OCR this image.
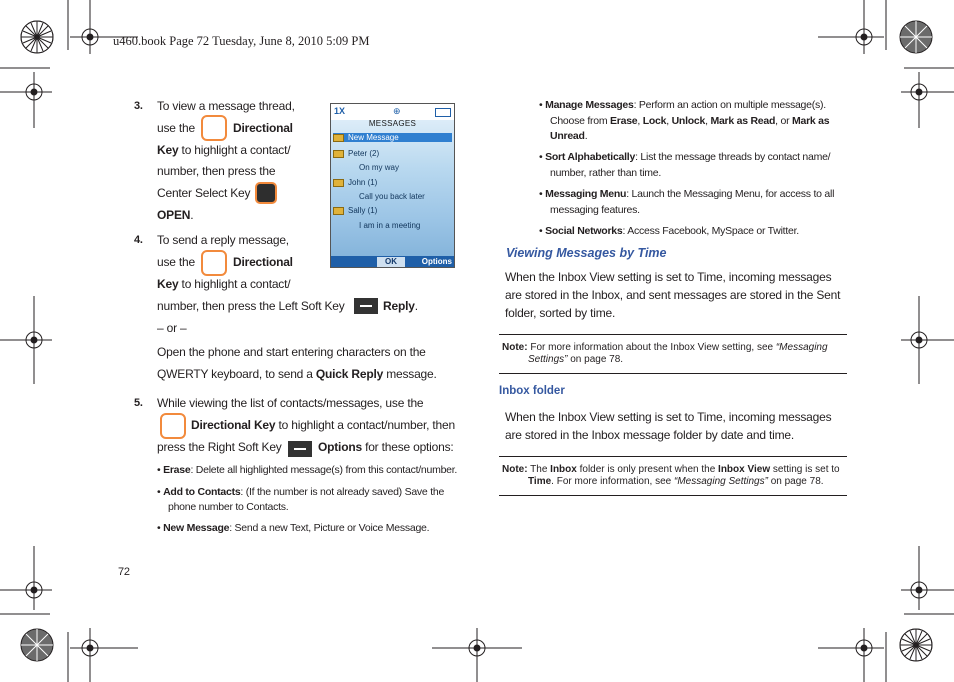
u460.book Page 72 Tuesday, June 8, 2010 5:09 PM
3. To view a message thread,
use the	Directional
Key to highlight a contact/
number, then press the
Center Select Key
OPEN.
4. To send a reply message,
use the	Directional
Key to highlight a contact/
number, then press the Left Soft Key	Reply.
– or –
Open the phone and start entering characters on the
QWERTY keyboard, to send a Quick Reply message.
5. While viewing the list of contacts/messages, use the
Directional Key to highlight a contact/number, then
press the Right Soft Key	Options for these options:
• Erase: Delete all highlighted message(s) from this contact/number.
• Add to Contacts: (If the number is not already saved) Save the
phone number to Contacts.
• New Message: Send a new Text, Picture or Voice Message.
72
1X	⊕
MESSAGES
New Message
Peter (2)
On my way
John (1)
Call you back later
Sally (1)
I am in a meeting
OK	Options
• Manage Messages: Perform an action on multiple message(s).
Choose from Erase, Lock, Unlock, Mark as Read, or Mark as
Unread.
• Sort Alphabetically: List the message threads by contact name/
number, rather than time.
• Messaging Menu: Launch the Messaging Menu, for access to all
messaging features.
• Social Networks: Access Facebook, MySpace or Twitter.
Viewing Messages by Time
When the Inbox View setting is set to Time, incoming messages
are stored in the Inbox, and sent messages are stored in the Sent
folder, sorted by time.
Note: For more information about the Inbox View setting, see “Messaging
Settings” on page 78.
Inbox folder
When the Inbox View setting is set to Time, incoming messages
are stored in the Inbox message folder by date and time.
Note: The Inbox folder is only present when the Inbox View setting is set to
Time. For more information, see “Messaging Settings” on page 78.
